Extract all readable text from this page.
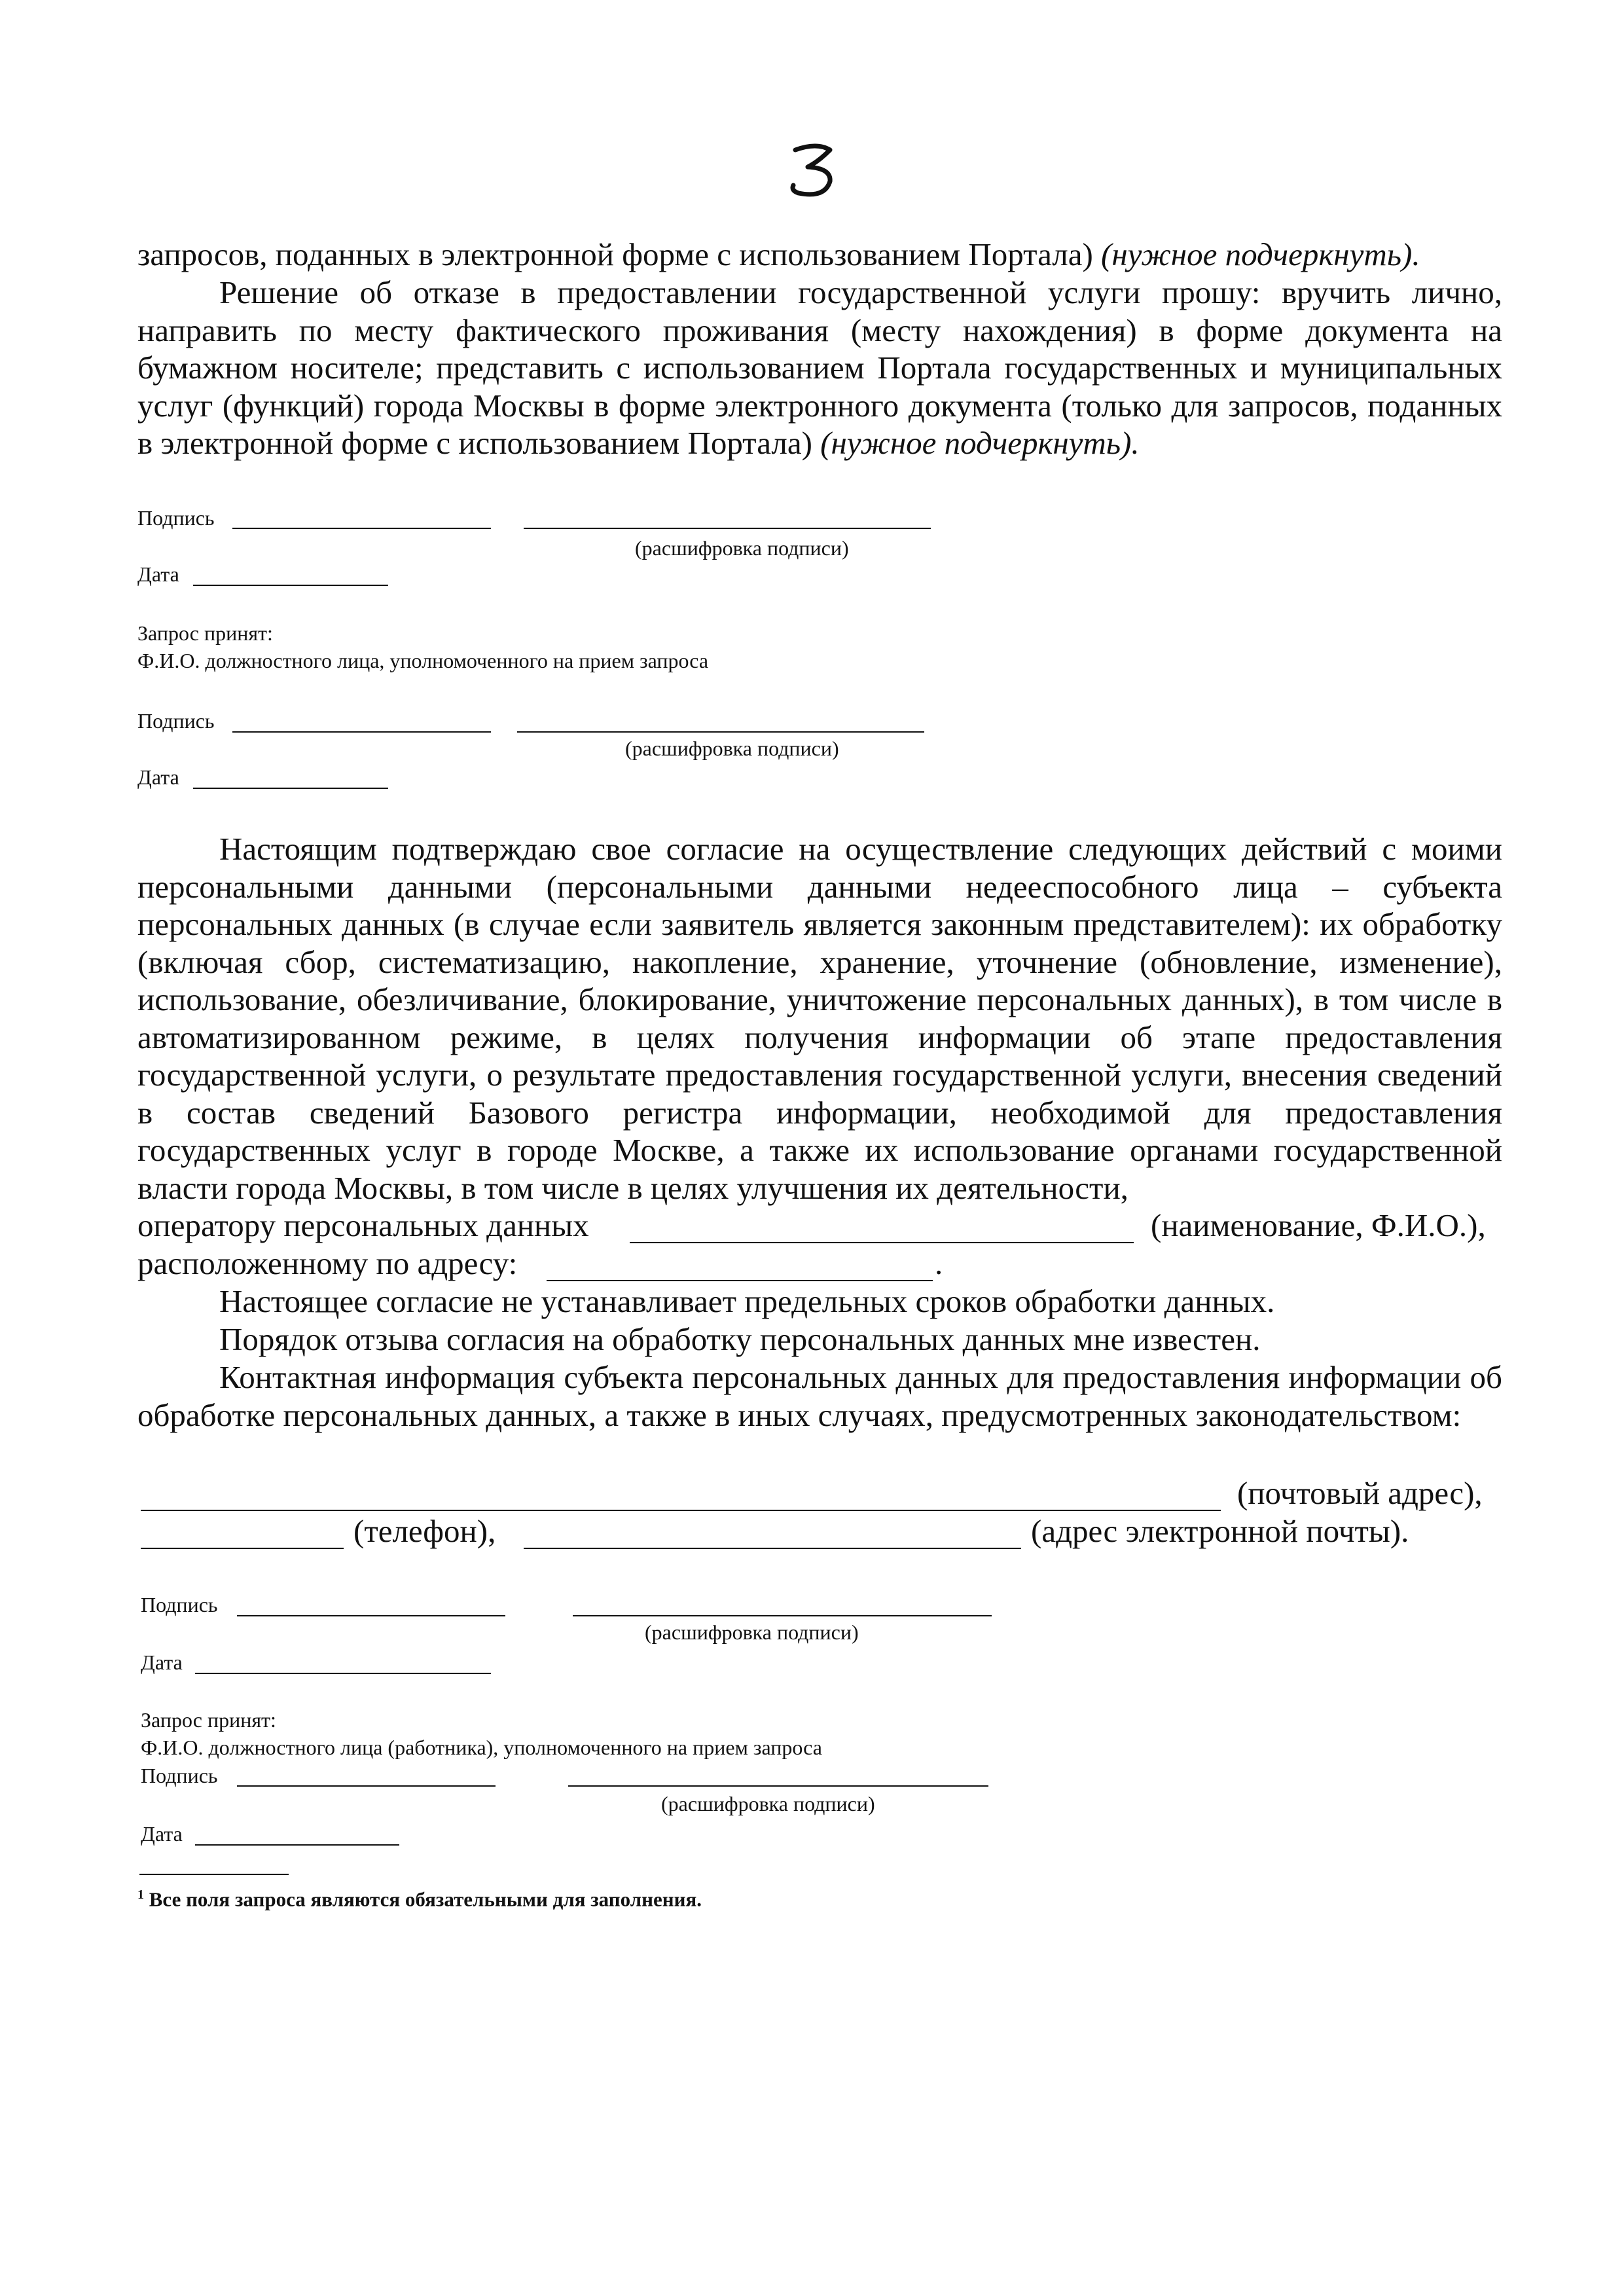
запросов, поданных в электронной форме с использованием Портала) (нужное подчеркнуть).

Решение об отказе в предоставлении государственной услуги прошу: вручить лично, направить по месту фактического проживания (месту нахождения) в форме документа на бумажном носителе; представить с использованием Портала государственных и муниципальных услуг (функций) города Москвы в форме электронного документа (только для запросов, поданных в электронной форме с использованием Портала) (нужное подчеркнуть).

Подпись
(расшифровка подписи)
Дата
Запрос принят:
Ф.И.О. должностного лица, уполномоченного на прием запроса
Подпись
(расшифровка подписи)
Дата

Настоящим подтверждаю свое согласие на осуществление следующих действий с моими персональными данными (персональными данными недееспособного лица – субъекта персональных данных (в случае если заявитель является законным представителем): их обработку (включая сбор, систематизацию, накопление, хранение, уточнение (обновление, изменение), использование, обезличивание, блокирование, уничтожение персональных данных), в том числе в автоматизированном режиме, в целях получения информации об этапе предоставления государственной услуги, о результате предоставления государственной услуги, внесения сведений в состав сведений Базового регистра информации, необходимой для предоставления государственных услуг в городе Москве, а также их использование органами государственной власти города Москвы, в том числе в целях улучшения их деятельности,

оператору персональных данных	(наименование, Ф.И.О.),
расположенному по адресу:	.

Настоящее согласие не устанавливает предельных сроков обработки данных.

Порядок отзыва согласия на обработку персональных данных мне известен.

Контактная информация субъекта персональных данных для предоставления информации об обработке персональных данных, а также в иных случаях, предусмотренных законодательством:

(почтовый адрес),
(телефон),	(адрес электронной почты).
Подпись
(расшифровка подписи)
Дата
Запрос принят:
Ф.И.О. должностного лица (работника), уполномоченного на прием запроса
Подпись
(расшифровка подписи)
Дата
$^1$ Все поля запроса являются обязательными для заполнения.
